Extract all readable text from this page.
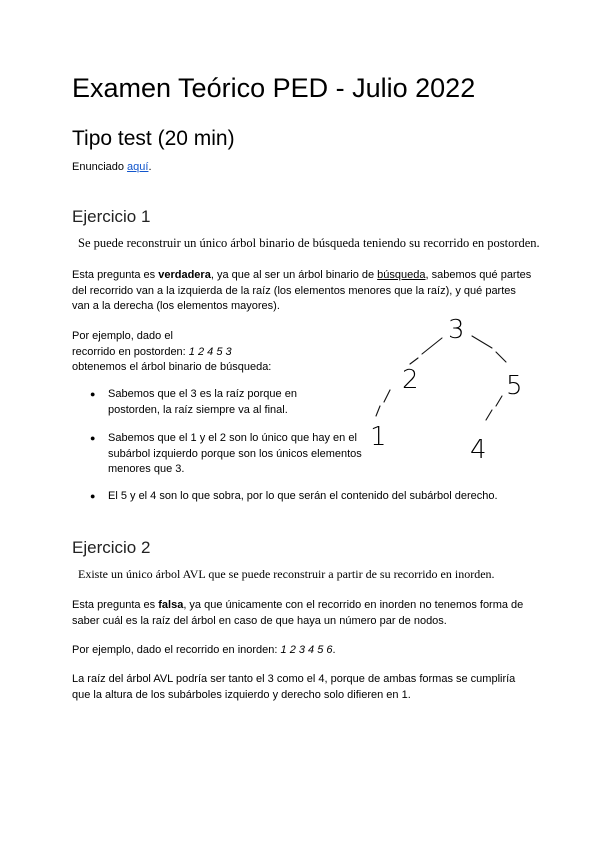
Examen Teórico PED - Julio 2022
Tipo test (20 min)
Enunciado aquí.
Ejercicio 1
Se puede reconstruir un único árbol binario de búsqueda teniendo su recorrido en postorden.
Esta pregunta es verdadera, ya que al ser un árbol binario de búsqueda, sabemos qué partes del recorrido van a la izquierda de la raíz (los elementos menores que la raíz), y qué partes van a la derecha (los elementos mayores).
Por ejemplo, dado el
recorrido en postorden: 1 2 4 5 3
obtenemos el árbol binario de búsqueda:
● Sabemos que el 3 es la raíz porque en postorden, la raíz siempre va al final.
● Sabemos que el 1 y el 2 son lo único que hay en el subárbol izquierdo porque son los únicos elementos menores que 3.
● El 5 y el 4 son lo que sobra, por lo que serán el contenido del subárbol derecho.
3
2	5
1	4
Ejercicio 2
Existe un único árbol AVL que se puede reconstruir a partir de su recorrido en inorden.
Esta pregunta es falsa, ya que únicamente con el recorrido en inorden no tenemos forma de saber cuál es la raíz del árbol en caso de que haya un número par de nodos.
Por ejemplo, dado el recorrido en inorden: 1 2 3 4 5 6.
La raíz del árbol AVL podría ser tanto el 3 como el 4, porque de ambas formas se cumpliría que la altura de los subárboles izquierdo y derecho solo difieren en 1.
